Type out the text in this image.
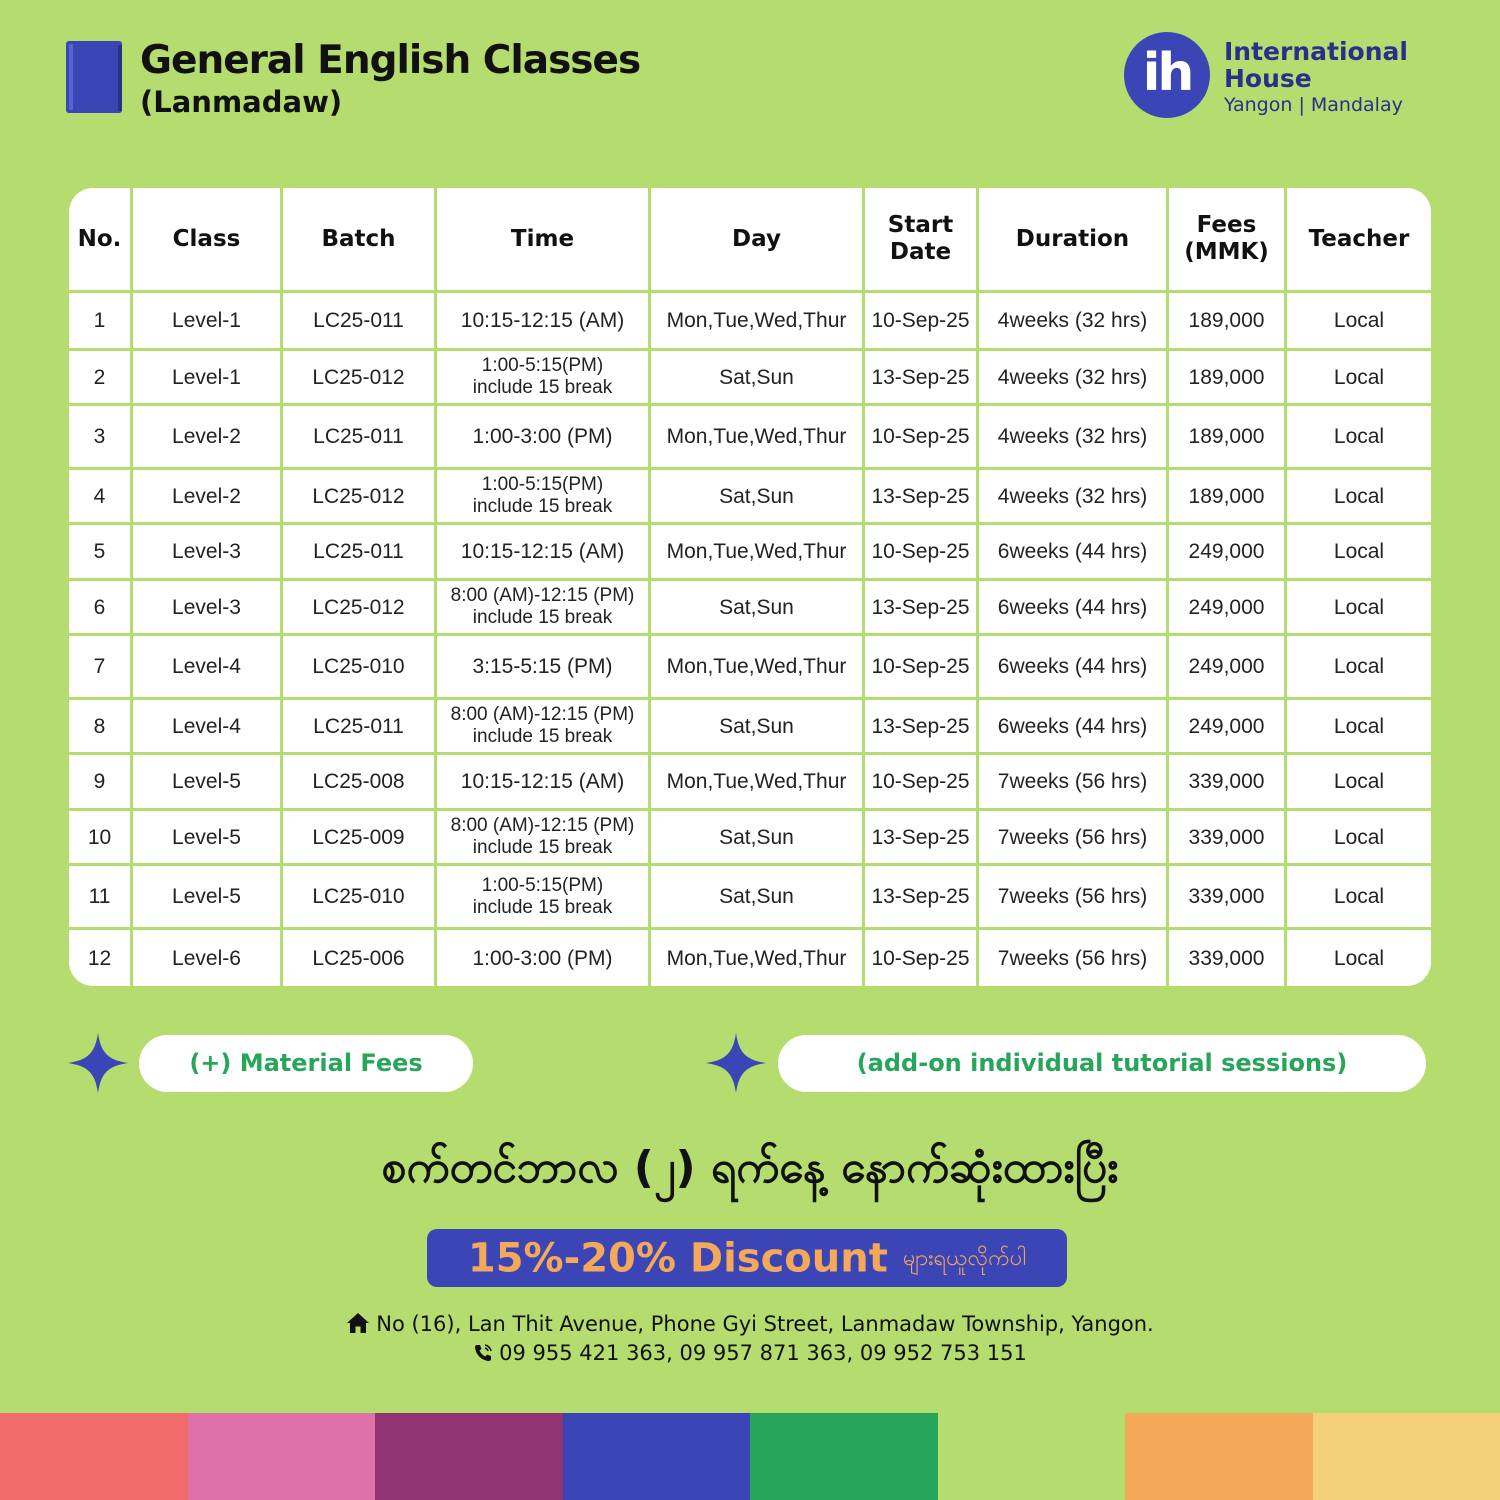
General English Classes
(Lanmadaw)	ih	International
House
Yangon | Mandalay
No.	Class	Batch	Time	Day	Start Date	Duration	Fees (MMK)	Teacher
1	Level-1	LC25-011	10:15-12:15 (AM)	Mon,Tue,Wed,Thur	10-Sep-25	4weeks (32 hrs)	189,000	Local
2	Level-1	LC25-012	1:00-5:15(PM)
include 15 break	Sat,Sun	13-Sep-25	4weeks (32 hrs)	189,000	Local
3	Level-2	LC25-011	1:00-3:00 (PM)	Mon,Tue,Wed,Thur	10-Sep-25	4weeks (32 hrs)	189,000	Local
4	Level-2	LC25-012	1:00-5:15(PM)
include 15 break	Sat,Sun	13-Sep-25	4weeks (32 hrs)	189,000	Local
5	Level-3	LC25-011	10:15-12:15 (AM)	Mon,Tue,Wed,Thur	10-Sep-25	6weeks (44 hrs)	249,000	Local
6	Level-3	LC25-012	8:00 (AM)-12:15 (PM)
include 15 break	Sat,Sun	13-Sep-25	6weeks (44 hrs)	249,000	Local
7	Level-4	LC25-010	3:15-5:15 (PM)	Mon,Tue,Wed,Thur	10-Sep-25	6weeks (44 hrs)	249,000	Local
8	Level-4	LC25-011	8:00 (AM)-12:15 (PM)
include 15 break	Sat,Sun	13-Sep-25	6weeks (44 hrs)	249,000	Local
9	Level-5	LC25-008	10:15-12:15 (AM)	Mon,Tue,Wed,Thur	10-Sep-25	7weeks (56 hrs)	339,000	Local
10	Level-5	LC25-009	8:00 (AM)-12:15 (PM)
include 15 break	Sat,Sun	13-Sep-25	7weeks (56 hrs)	339,000	Local
11	Level-5	LC25-010	1:00-5:15(PM)
include 15 break	Sat,Sun	13-Sep-25	7weeks (56 hrs)	339,000	Local
12	Level-6	LC25-006	1:00-3:00 (PM)	Mon,Tue,Wed,Thur	10-Sep-25	7weeks (56 hrs)	339,000	Local
(+) Material Fees	(add-on individual tutorial sessions)
စက်တင်ဘာလ (၂) ရက်နေ့ နောက်ဆုံးထားပြီး
15%-20% Discount များရယူလိုက်ပါ
No (16), Lan Thit Avenue, Phone Gyi Street, Lanmadaw Township, Yangon.
09 955 421 363, 09 957 871 363, 09 952 753 151
